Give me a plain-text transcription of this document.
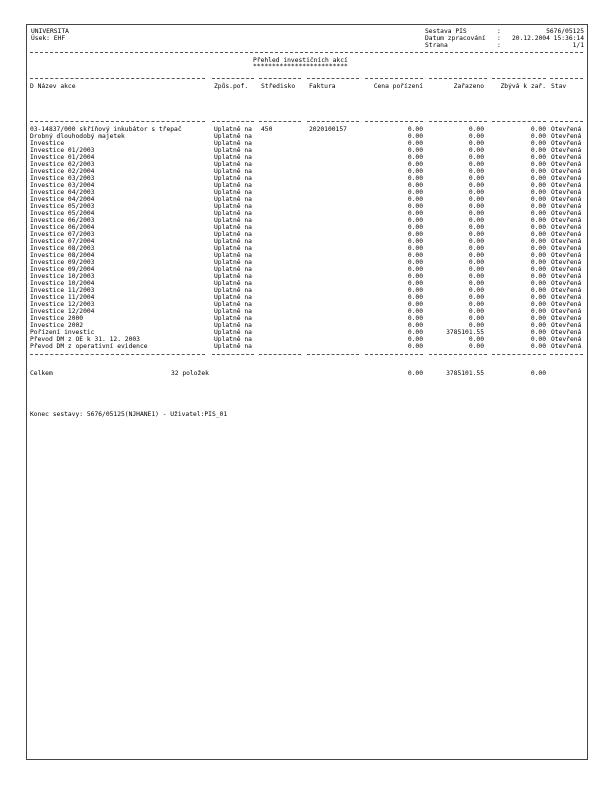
UNIVERSITA
Úsek: EHF
Sestava PIS	:	5676/05125
Datum zpracování : 20.12.2004 15:36:14
Strana	:	1/1
Přehled investičních akcí
*************************
D Název akce	Způs.pof. Středisko Faktura	Cena pořízení	Zařazeno	Zbývá k zař. Stav
03-14837/000 skříňový inkubátor s třepač	Úplatně na	450	2020100157	0.00	0.00	0.00 Otevřená
Drobný dlouhodobý majetek	Úplatně na	0.00	0.00	0.00 Otevřená
Investice	Úplatně na	0.00	0.00	0.00 Otevřená
Investice 01/2003	Úplatně na	0.00	0.00	0.00 Otevřená
Investice 01/2004	Úplatně na	0.00	0.00	0.00 Otevřená
Investice 02/2003	Úplatně na	0.00	0.00	0.00 Otevřená
Investice 02/2004	Úplatně na	0.00	0.00	0.00 Otevřená
Investice 03/2003	Úplatně na	0.00	0.00	0.00 Otevřená
Investice 03/2004	Úplatně na	0.00	0.00	0.00 Otevřená
Investice 04/2003	Úplatně na	0.00	0.00	0.00 Otevřená
Investice 04/2004	Úplatně na	0.00	0.00	0.00 Otevřená
Investice 05/2003	Úplatně na	0.00	0.00	0.00 Otevřená
Investice 05/2004	Úplatně na	0.00	0.00	0.00 Otevřená
Investice 06/2003	Úplatně na	0.00	0.00	0.00 Otevřená
Investice 06/2004	Úplatně na	0.00	0.00	0.00 Otevřená
Investice 07/2003	Úplatně na	0.00	0.00	0.00 Otevřená
Investice 07/2004	Úplatně na	0.00	0.00	0.00 Otevřená
Investice 08/2003	Úplatně na	0.00	0.00	0.00 Otevřená
Investice 08/2004	Úplatně na	0.00	0.00	0.00 Otevřená
Investice 09/2003	Úplatně na	0.00	0.00	0.00 Otevřená
Investice 09/2004	Úplatně na	0.00	0.00	0.00 Otevřená
Investice 10/2003	Úplatně na	0.00	0.00	0.00 Otevřená
Investice 10/2004	Úplatně na	0.00	0.00	0.00 Otevřená
Investice 11/2003	Úplatně na	0.00	0.00	0.00 Otevřená
Investice 11/2004	Úplatně na	0.00	0.00	0.00 Otevřená
Investice 12/2003	Úplatně na	0.00	0.00	0.00 Otevřená
Investice 12/2004	Úplatně na	0.00	0.00	0.00 Otevřená
Investice 2000	Úplatně na	0.00	0.00	0.00 Otevřená
Investice 2002	Úplatně na	0.00	0.00	0.00 Otevřená
Pořízení investic	Úplatně na	0.00	3785101.55	0.00 Otevřená
Převod DM z OE k 31. 12. 2003	Úplatně na	0.00	0.00	0.00 Otevřená
Převod DM z operativní evidence	Úplatně na	0.00	0.00	0.00 Otevřená
Celkem	32 položek	0.00	3785101.55	0.00
Konec sestavy: 5676/05125(NJHANE1) - Uživatel:PIS_01
